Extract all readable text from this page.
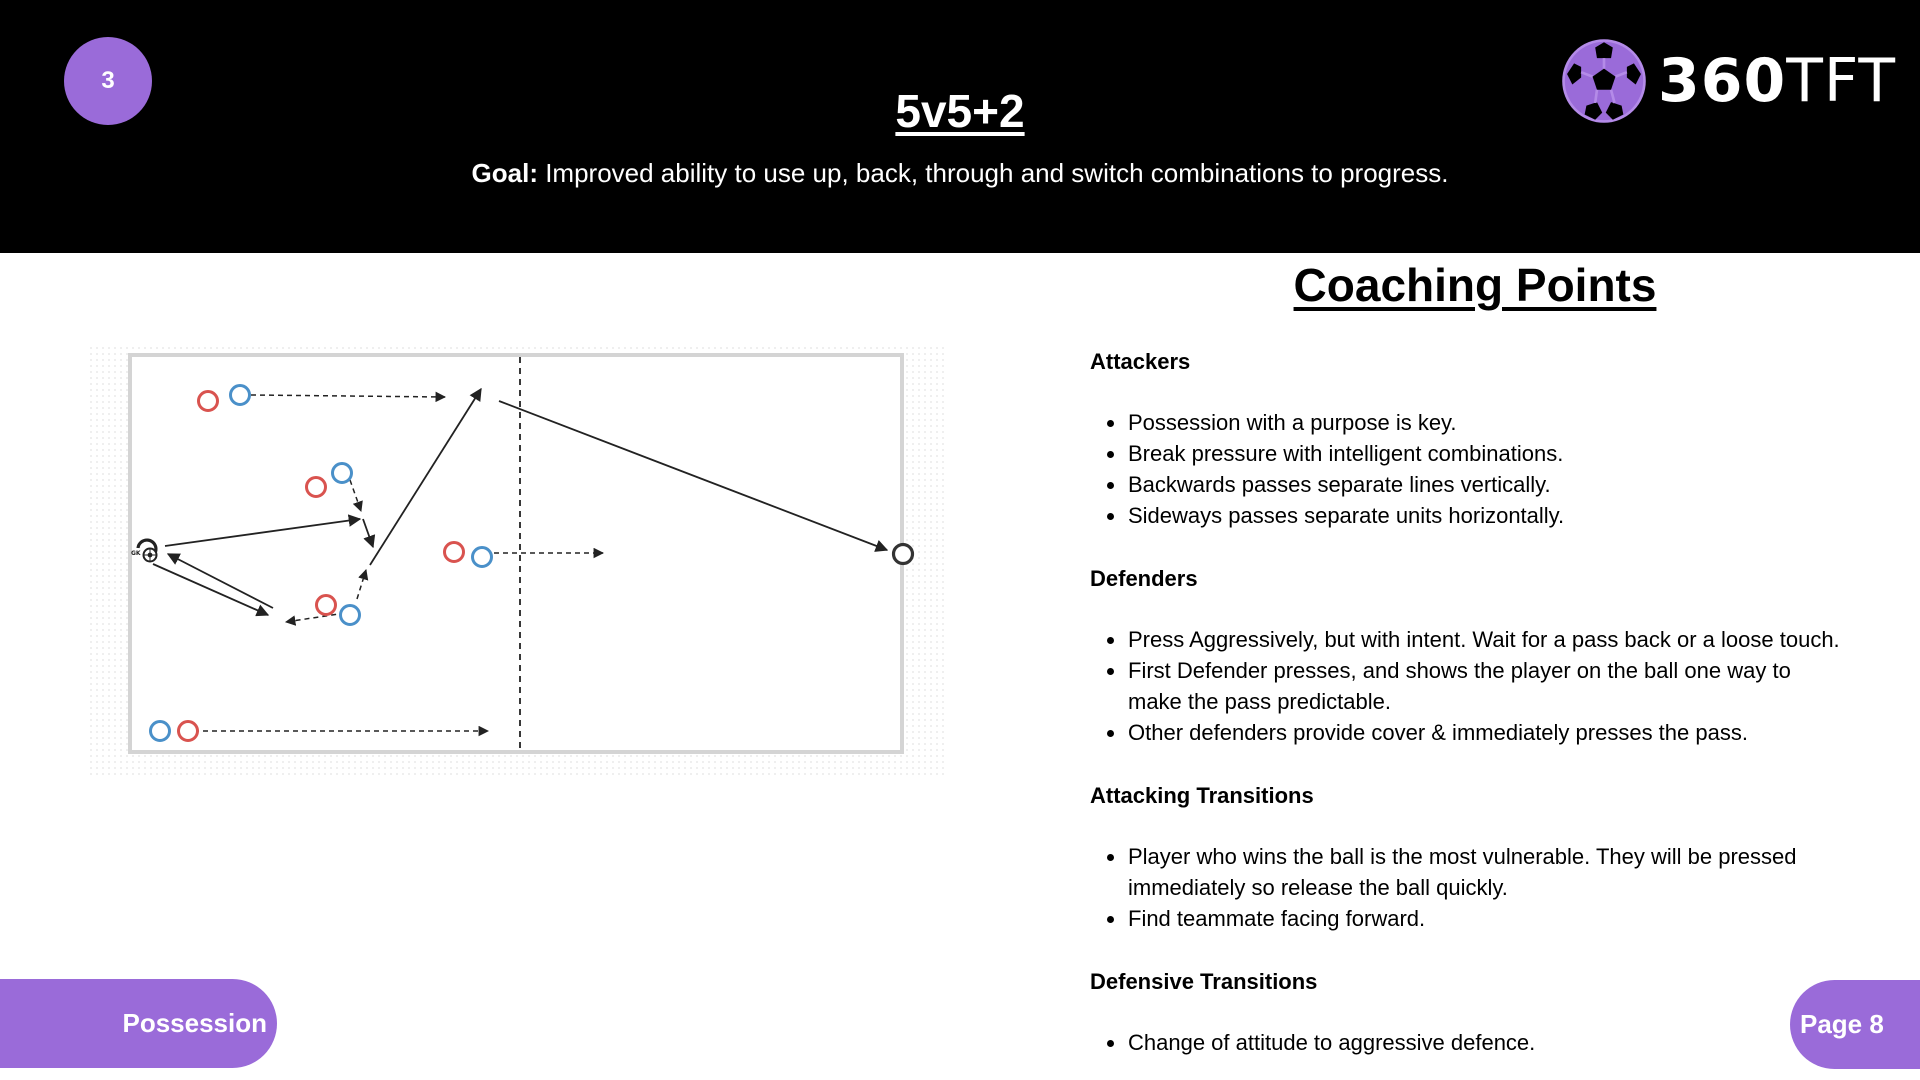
3
5v5+2
Goal: Improved ability to use up, back, through and switch combinations to progress.
360TFT
GK
Coaching Points
Attackers
Possession with a purpose is key.
Break pressure with intelligent combinations.
Backwards passes separate lines vertically.
Sideways passes separate units horizontally.
Defenders
Press Aggressively, but with intent. Wait for a pass back or a loose touch.
First Defender presses, and shows the player on the ball one way to make the pass predictable.
Other defenders provide cover & immediately presses the pass.
Attacking Transitions
Player who wins the ball is the most vulnerable. They will be pressed immediately so release the ball quickly.
Find teammate facing forward.
Defensive Transitions
Change of attitude to aggressive defence.
Possession	Page 8
